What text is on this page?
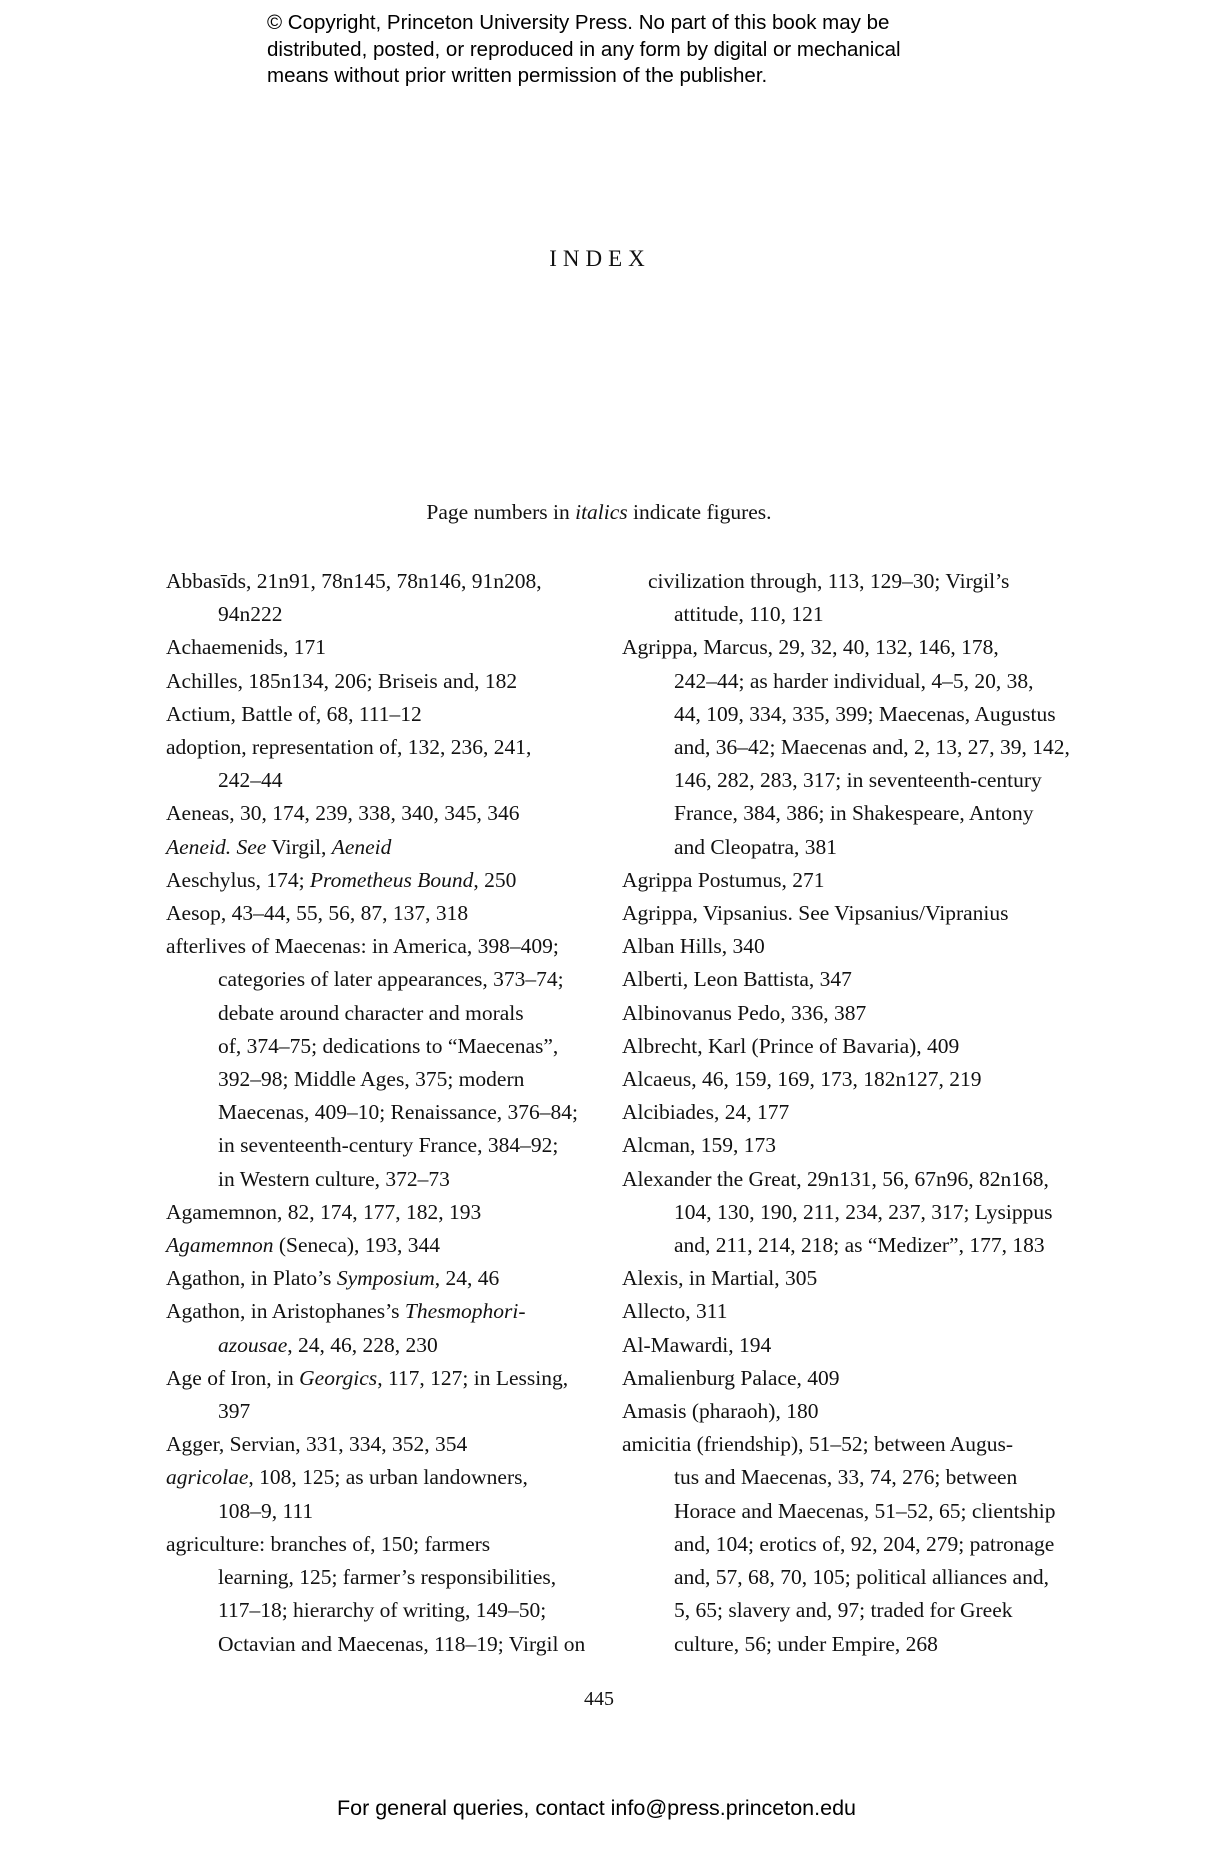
© Copyright, Princeton University Press. No part of this book may be
distributed, posted, or reproduced in any form by digital or mechanical
means without prior written permission of the publisher.
INDEX
Page numbers in italics indicate figures.
Abbasīds, 21n91, 78n145, 78n146, 91n208,
94n222
Achaemenids, 171
Achilles, 185n134, 206; Briseis and, 182
Actium, Battle of, 68, 111–12
adoption, representation of, 132, 236, 241,
242–44
Aeneas, 30, 174, 239, 338, 340, 345, 346
Aeneid. See Virgil, Aeneid
Aeschylus, 174; Prometheus Bound, 250
Aesop, 43–44, 55, 56, 87, 137, 318
afterlives of Maecenas: in America, 398–409;
categories of later appearances, 373–74;
debate around character and morals
of, 374–75; dedications to “Maecenas”,
392–98; Middle Ages, 375; modern
Maecenas, 409–10; Renaissance, 376–84;
in seventeenth-century France, 384–92;
in Western culture, 372–73
Agamemnon, 82, 174, 177, 182, 193
Agamemnon (Seneca), 193, 344
Agathon, in Plato’s Symposium, 24, 46
Agathon, in Aristophanes’s Thesmophori-
azousae, 24, 46, 228, 230
Age of Iron, in Georgics, 117, 127; in Lessing,
397
Agger, Servian, 331, 334, 352, 354
agricolae, 108, 125; as urban landowners,
108–9, 111
agriculture: branches of, 150; farmers
learning, 125; farmer’s responsibilities,
117–18; hierarchy of writing, 149–50;
Octavian and Maecenas, 118–19; Virgil on
civilization through, 113, 129–30; Virgil’s
attitude, 110, 121
Agrippa, Marcus, 29, 32, 40, 132, 146, 178,
242–44; as harder individual, 4–5, 20, 38,
44, 109, 334, 335, 399; Maecenas, Augustus
and, 36–42; Maecenas and, 2, 13, 27, 39, 142,
146, 282, 283, 317; in seventeenth-century
France, 384, 386; in Shakespeare, Antony
and Cleopatra, 381
Agrippa Postumus, 271
Agrippa, Vipsanius. See Vipsanius/Vipranius
Alban Hills, 340
Alberti, Leon Battista, 347
Albinovanus Pedo, 336, 387
Albrecht, Karl (Prince of Bavaria), 409
Alcaeus, 46, 159, 169, 173, 182n127, 219
Alcibiades, 24, 177
Alcman, 159, 173
Alexander the Great, 29n131, 56, 67n96, 82n168,
104, 130, 190, 211, 234, 237, 317; Lysippus
and, 211, 214, 218; as “Medizer”, 177, 183
Alexis, in Martial, 305
Allecto, 311
Al-Mawardi, 194
Amalienburg Palace, 409
Amasis (pharaoh), 180
amicitia (friendship), 51–52; between Augus-
tus and Maecenas, 33, 74, 276; between
Horace and Maecenas, 51–52, 65; clientship
and, 104; erotics of, 92, 204, 279; patronage
and, 57, 68, 70, 105; political alliances and,
5, 65; slavery and, 97; traded for Greek
culture, 56; under Empire, 268
445
For general queries, contact info@press.princeton.edu
